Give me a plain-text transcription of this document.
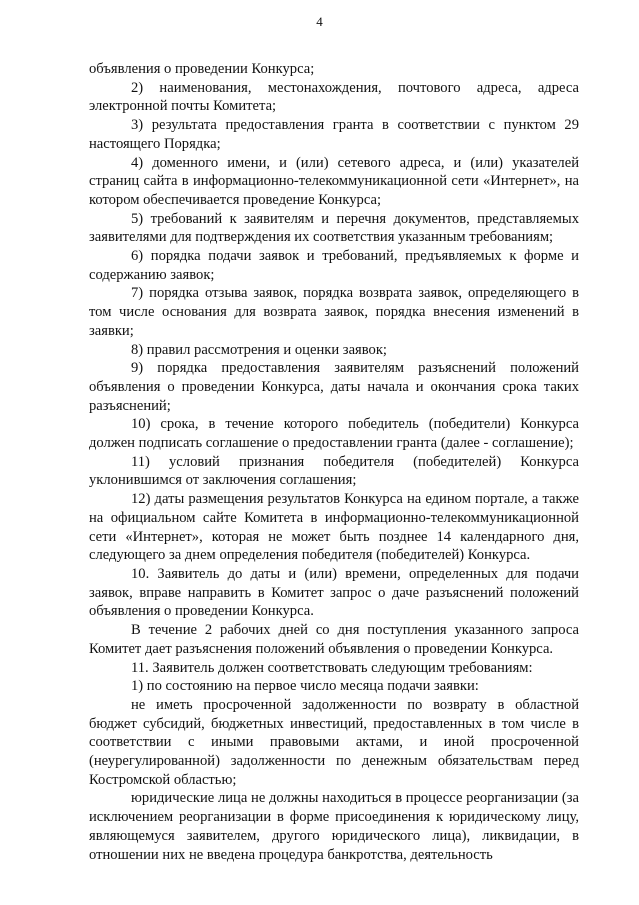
4

объявления о проведении Конкурса;

2) наименования, местонахождения, почтового адреса, адреса электронной почты Комитета;

3) результата предоставления гранта в соответствии с пунктом 29 настоящего Порядка;

4) доменного имени, и (или) сетевого адреса, и (или) указателей страниц сайта в информационно-телекоммуникационной сети «Интернет», на котором обеспечивается проведение Конкурса;

5) требований к заявителям и перечня документов, представляемых заявителями для подтверждения их соответствия указанным требованиям;

6) порядка подачи заявок и требований, предъявляемых к форме и содержанию заявок;

7) порядка отзыва заявок, порядка возврата заявок, определяющего в том числе основания для возврата заявок, порядка внесения изменений в заявки;

8) правил рассмотрения и оценки заявок;

9) порядка предоставления заявителям разъяснений положений объявления о проведении Конкурса, даты начала и окончания срока таких разъяснений;

10) срока, в течение которого победитель (победители) Конкурса должен подписать соглашение о предоставлении гранта (далее - соглашение);

11) условий признания победителя (победителей) Конкурса уклонившимся от заключения соглашения;

12) даты размещения результатов Конкурса на едином портале, а также на официальном сайте Комитета в информационно-телекоммуникационной сети «Интернет», которая не может быть позднее 14 календарного дня, следующего за днем определения победителя (победителей) Конкурса.

10. Заявитель до даты и (или) времени, определенных для подачи заявок, вправе направить в Комитет запрос о даче разъяснений положений объявления о проведении Конкурса.

В течение 2 рабочих дней со дня поступления указанного запроса Комитет дает разъяснения положений объявления о проведении Конкурса.

11. Заявитель должен соответствовать следующим требованиям:

1) по состоянию на первое число месяца подачи заявки:

не иметь просроченной задолженности по возврату в областной бюджет субсидий, бюджетных инвестиций, предоставленных в том числе в соответствии с иными правовыми актами, и иной просроченной (неурегулированной) задолженности по денежным обязательствам перед Костромской областью;

юридические лица не должны находиться в процессе реорганизации (за исключением реорганизации в форме присоединения к юридическому лицу, являющемуся заявителем, другого юридического лица), ликвидации, в отношении них не введена процедура банкротства, деятельность
